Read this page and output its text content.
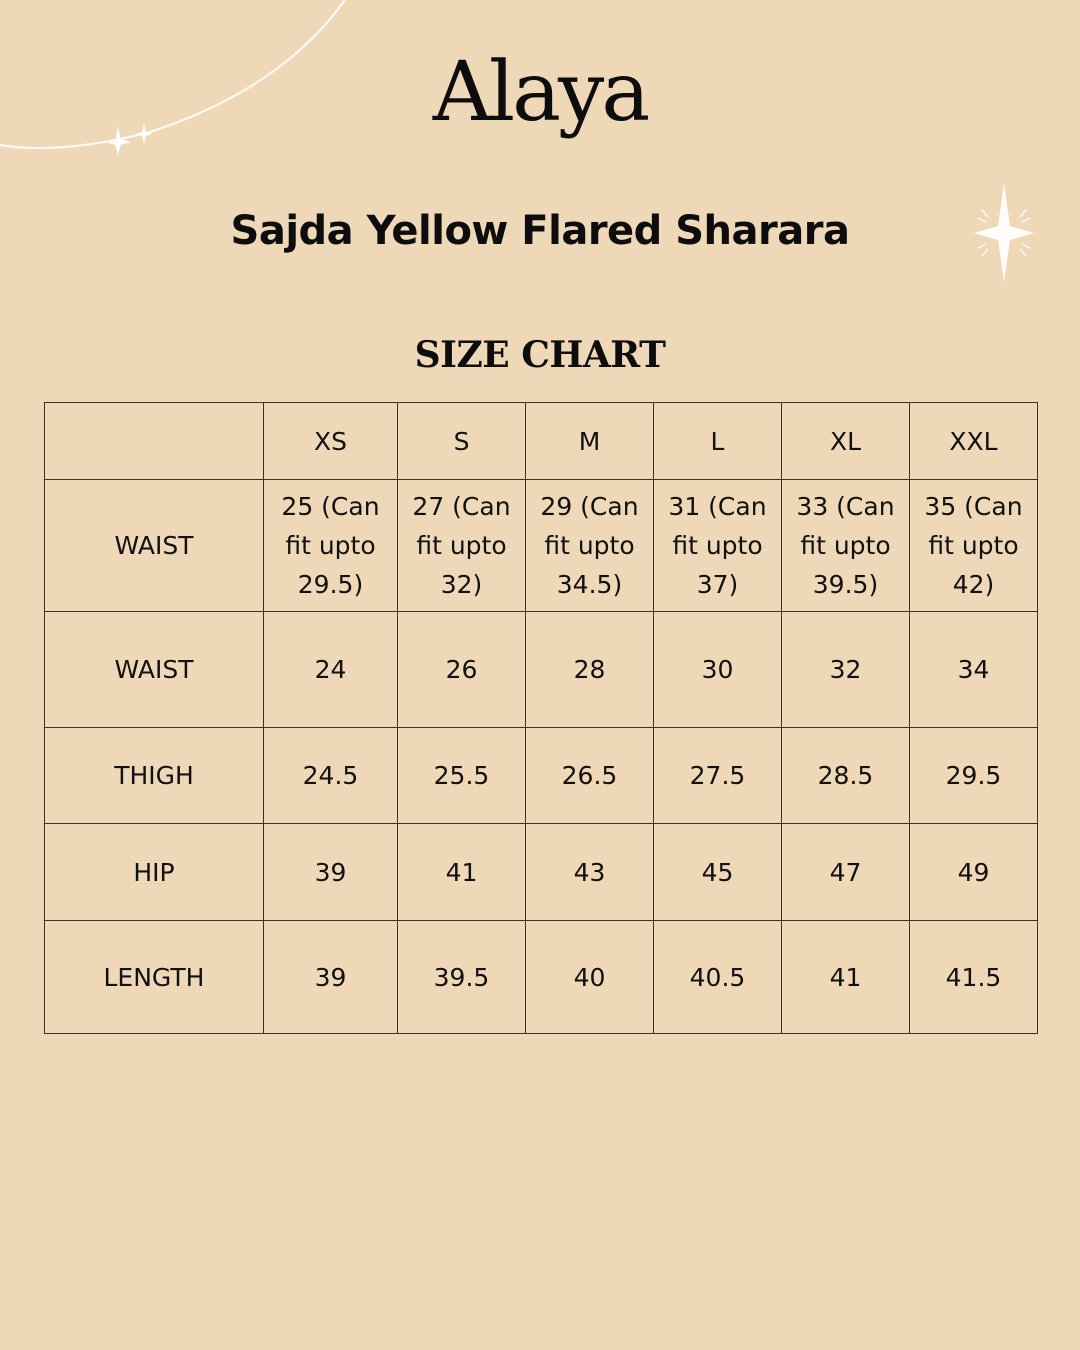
Alaya
Sajda Yellow Flared Sharara
SIZE CHART
	XS	S	M	L	XL	XXL
WAIST	25 (Can fit upto 29.5)	27 (Can fit upto 32)	29 (Can fit upto 34.5)	31 (Can fit upto 37)	33 (Can fit upto 39.5)	35 (Can fit upto 42)
WAIST	24	26	28	30	32	34
THIGH	24.5	25.5	26.5	27.5	28.5	29.5
HIP	39	41	43	45	47	49
LENGTH	39	39.5	40	40.5	41	41.5
